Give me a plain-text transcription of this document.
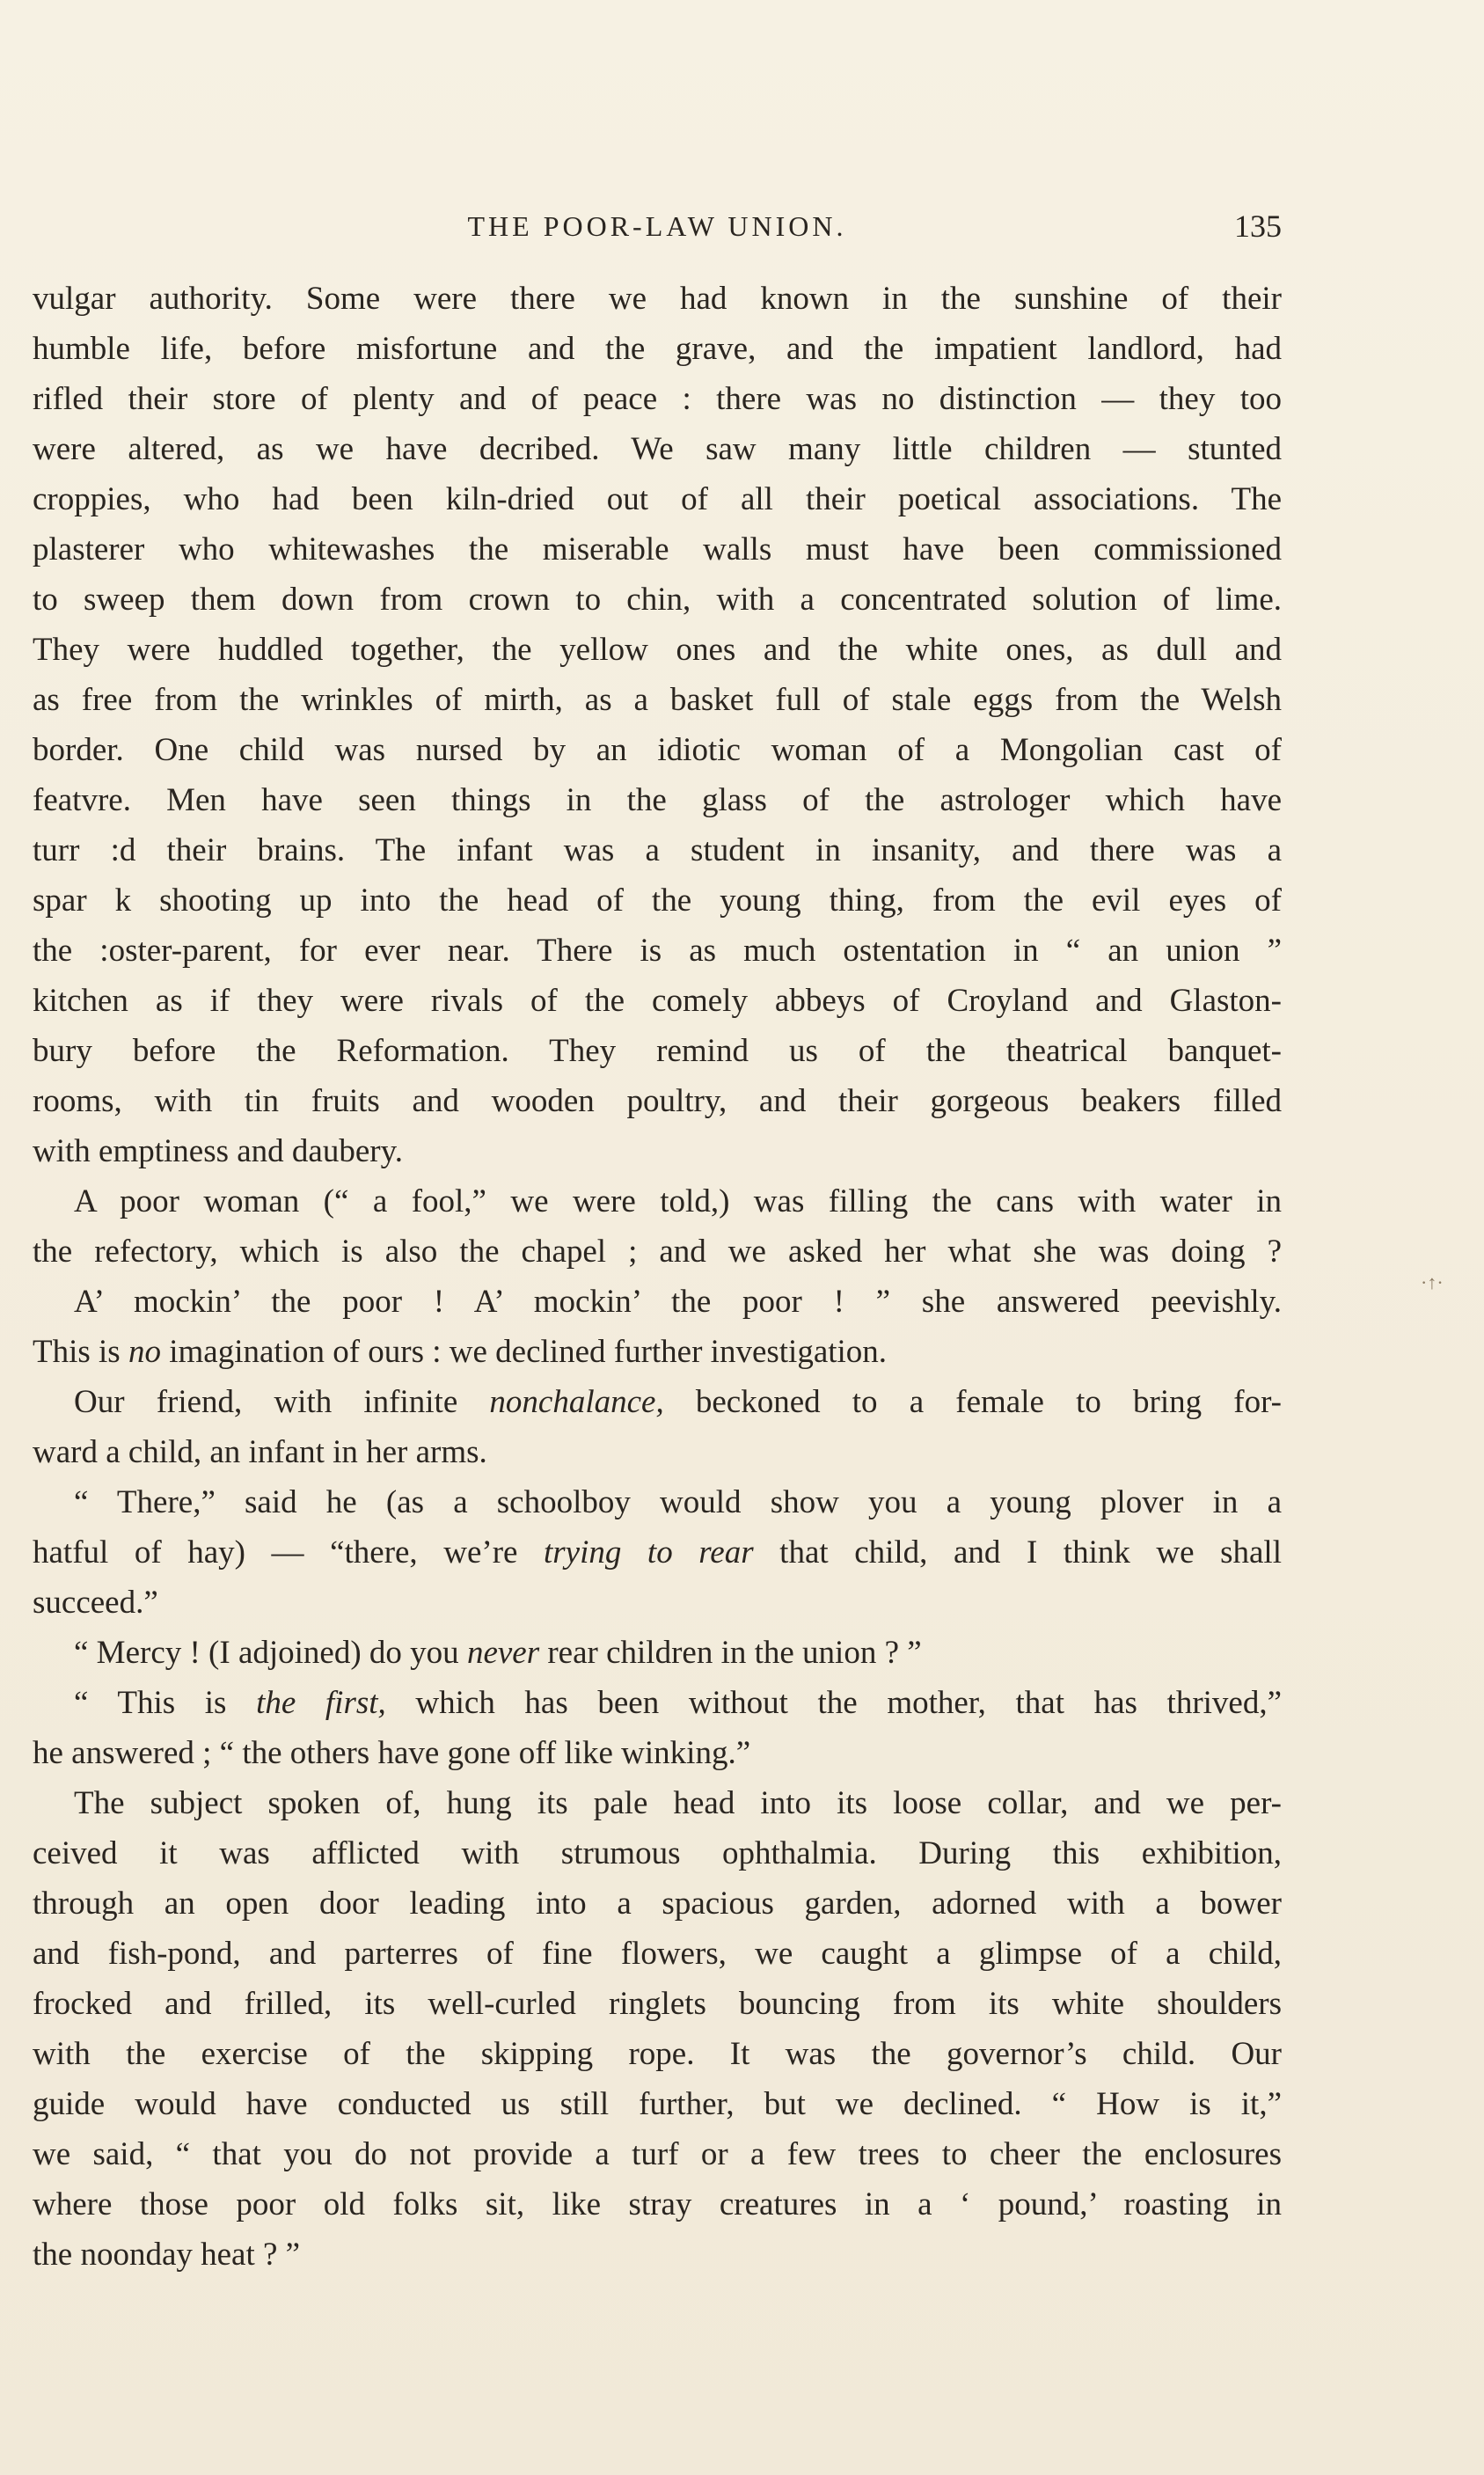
THE POOR-LAW UNION.	135
vulgar authority. Some were there we had known in the sunshine of their
humble life, before misfortune and the grave, and the impatient landlord, had
rifled their store of plenty and of peace : there was no distinction — they too
were altered, as we have decribed. We saw many little children — stunted
croppies, who had been kiln-dried out of all their poetical associations. The
plasterer who whitewashes the miserable walls must have been commissioned
to sweep them down from crown to chin, with a concentrated solution of lime.
They were huddled together, the yellow ones and the white ones, as dull and
as free from the wrinkles of mirth, as a basket full of stale eggs from the Welsh
border. One child was nursed by an idiotic woman of a Mongolian cast of
featvre. Men have seen things in the glass of the astrologer which have
turr :d their brains. The infant was a student in insanity, and there was a
spar k shooting up into the head of the young thing, from the evil eyes of
the :oster-parent, for ever near. There is as much ostentation in “ an union ”
kitchen as if they were rivals of the comely abbeys of Croyland and Glaston-
bury before the Reformation. They remind us of the theatrical banquet-
rooms, with tin fruits and wooden poultry, and their gorgeous beakers filled
with emptiness and daubery.
A poor woman (“ a fool,” we were told,) was filling the cans with water in
the refectory, which is also the chapel ; and we asked her what she was doing ?
A’ mockin’ the poor ! A’ mockin’ the poor ! ” she answered peevishly.
This is no imagination of ours : we declined further investigation.
Our friend, with infinite nonchalance, beckoned to a female to bring for-
ward a child, an infant in her arms.
“ There,” said he (as a schoolboy would show you a young plover in a
hatful of hay) — “there, we’re trying to rear that child, and I think we shall
succeed.”
“ Mercy ! (I adjoined) do you never rear children in the union ? ”
“ This is the first, which has been without the mother, that has thrived,”
he answered ; “ the others have gone off like winking.”
The subject spoken of, hung its pale head into its loose collar, and we per-
ceived it was afflicted with strumous ophthalmia. During this exhibition,
through an open door leading into a spacious garden, adorned with a bower
and fish-pond, and parterres of fine flowers, we caught a glimpse of a child,
frocked and frilled, its well-curled ringlets bouncing from its white shoulders
with the exercise of the skipping rope. It was the governor’s child. Our
guide would have conducted us still further, but we declined. “ How is it,”
we said, “ that you do not provide a turf or a few trees to cheer the enclosures
where those poor old folks sit, like stray creatures in a ‘ pound,’ roasting in
the noonday heat ? ”
·↑·
